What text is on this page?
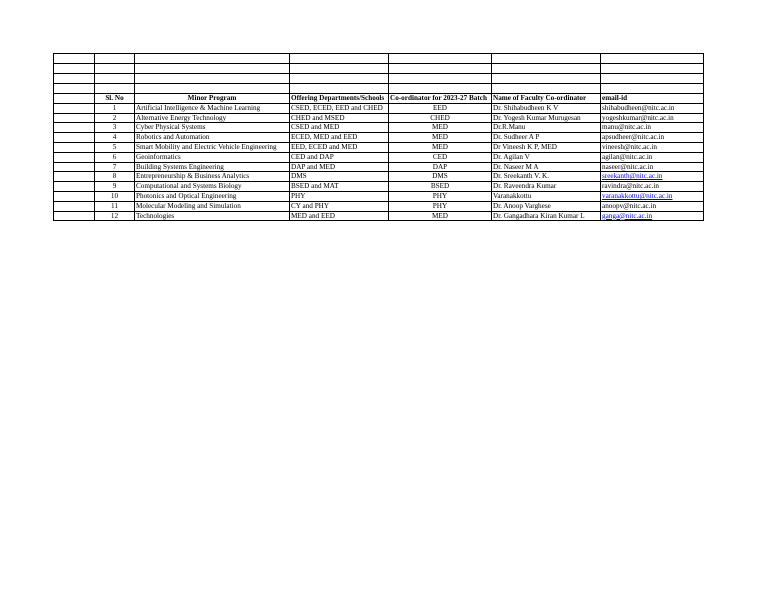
	Sl. No	Minor Program	Offering Departments/Schools	Co-ordinator for 2023-27 Batch	Name of Faculty Co-ordinator	email-id
	1	Artificial Intelligence & Machine Learning	CSED, ECED, EED and CHED	EED	Dr. Shihabudheen K V	shihabudheen@nitc.ac.in
	2	Alternative Energy Technology	CHED and MSED	CHED	Dr. Yogesh Kumar Murugesan	yogeshkumar@nitc.ac.in
	3	Cyber Physical Systems	CSED and MED	MED	Dr.R.Manu	manu@nitc.ac.in
	4	Robotics and Automation	ECED, MED and EED	MED	Dr. Sudheer A P	apsudheer@nitc.ac.in
	5	Smart Mobility and Electric Vehicle Engineering	EED, ECED and MED	MED	Dr Vineesh K P, MED	vineesh@nitc.ac.in
	6	Geoinformatics	CED and DAP	CED	Dr. Agilan V	agilan@nitc.ac.in
	7	Building Systems Engineering	DAP and MED	DAP	Dr. Naseer M A	naseer@nitc.ac.in
	8	Entrepreneurship & Business Analytics	DMS	DMS	Dr. Sreekanth V. K.	sreekanth@nitc.ac.in
	9	Computational and Systems Biology	BSED and MAT	BSED	Dr. Raveendra Kumar	ravindra@nitc.ac.in
	10	Photonics and Optical Engineering	PHY	PHY	Varanakkottu	varanakkottu@nitc.ac.in
	11	Molecular Modeling and Simulation	CY and PHY	PHY	Dr. Anoop Varghese	anoopv@nitc.ac.in
	12	Technologies	MED and EED	MED	Dr. Gangadhara Kiran Kumar L	ganga@nitc.ac.in
